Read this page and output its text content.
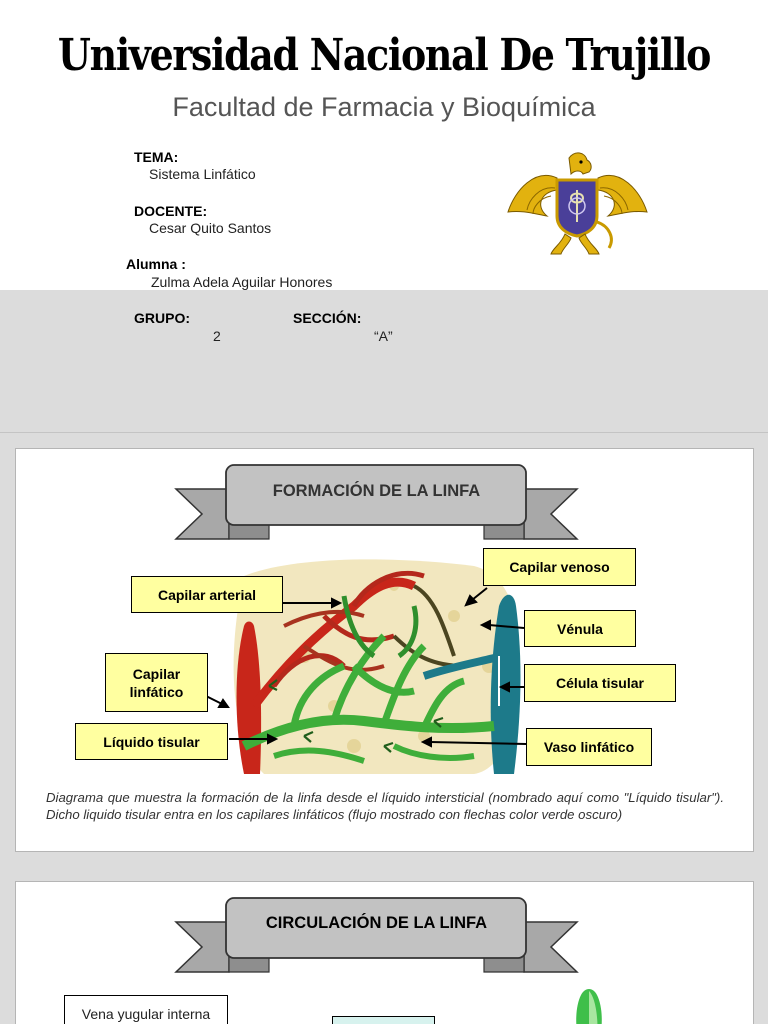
Universidad Nacional De Trujillo
Facultad de Farmacia y Bioquímica
TEMA:
Sistema Linfático
DOCENTE:
Cesar Quito Santos
Alumna :
Zulma Adela Aguilar Honores
GRUPO:
2
SECCIÓN:
“A”
FORMACIÓN DE LA LINFA
Capilar arterial
Capilar linfático
Líquido tisular
Capilar venoso
Vénula
Célula tisular
Vaso linfático
Diagrama que muestra la formación de la linfa desde el líquido intersticial (nombrado aquí como "Líquido tisular"). Dicho liquido tisular entra en los capilares linfáticos (flujo mostrado con flechas color verde oscuro)
CIRCULACIÓN DE LA LINFA
Vena yugular interna
